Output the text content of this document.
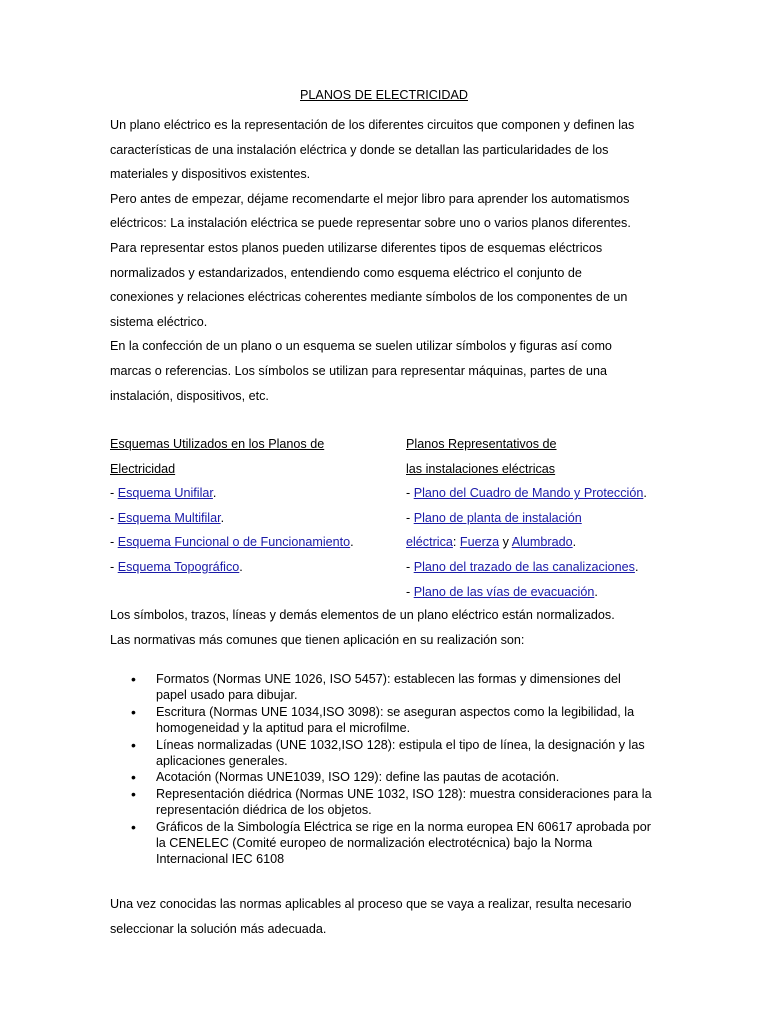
PLANOS DE ELECTRICIDAD
Un plano eléctrico es la representación de los diferentes circuitos que componen y definen las
características de una instalación eléctrica y donde se detallan las particularidades de los
materiales y dispositivos existentes.
Pero antes de empezar, déjame recomendarte el mejor libro para aprender los automatismos
eléctricos: La instalación eléctrica se puede representar sobre uno o varios planos diferentes.
Para representar estos planos pueden utilizarse diferentes tipos de esquemas eléctricos
normalizados y estandarizados, entendiendo como esquema eléctrico el conjunto de
conexiones y relaciones eléctricas coherentes mediante símbolos de los componentes de un
sistema eléctrico.
En la confección de un plano o un esquema se suelen utilizar símbolos y figuras así como
marcas o referencias. Los símbolos se utilizan para representar máquinas, partes de una
instalación, dispositivos, etc.
Esquemas Utilizados en los Planos de
Electricidad
- Esquema Unifilar.
- Esquema Multifilar.
- Esquema Funcional o de Funcionamiento.
- Esquema Topográfico.
Planos Representativos de
las instalaciones eléctricas
- Plano del Cuadro de Mando y Protección.
- Plano de planta de instalación
eléctrica: Fuerza y Alumbrado.
- Plano del trazado de las canalizaciones.
- Plano de las vías de evacuación.
Los símbolos, trazos, líneas y demás elementos de un plano eléctrico están normalizados.
Las normativas más comunes que tienen aplicación en su realización son:
• Formatos (Normas UNE 1026, ISO 5457): establecen las formas y dimensiones del
papel usado para dibujar.
• Escritura (Normas UNE 1034,ISO 3098): se aseguran aspectos como la legibilidad, la
homogeneidad y la aptitud para el microfilme.
• Líneas normalizadas (UNE 1032,ISO 128): estipula el tipo de línea, la designación y las
aplicaciones generales.
• Acotación (Normas UNE1039, ISO 129): define las pautas de acotación.
• Representación diédrica (Normas UNE 1032, ISO 128): muestra consideraciones para la
representación diédrica de los objetos.
• Gráficos de la Simbología Eléctrica se rige en la norma europea EN 60617 aprobada por
la CENELEC (Comité europeo de normalización electrotécnica) bajo la Norma
Internacional IEC 6108
Una vez conocidas las normas aplicables al proceso que se vaya a realizar, resulta necesario
seleccionar la solución más adecuada.
